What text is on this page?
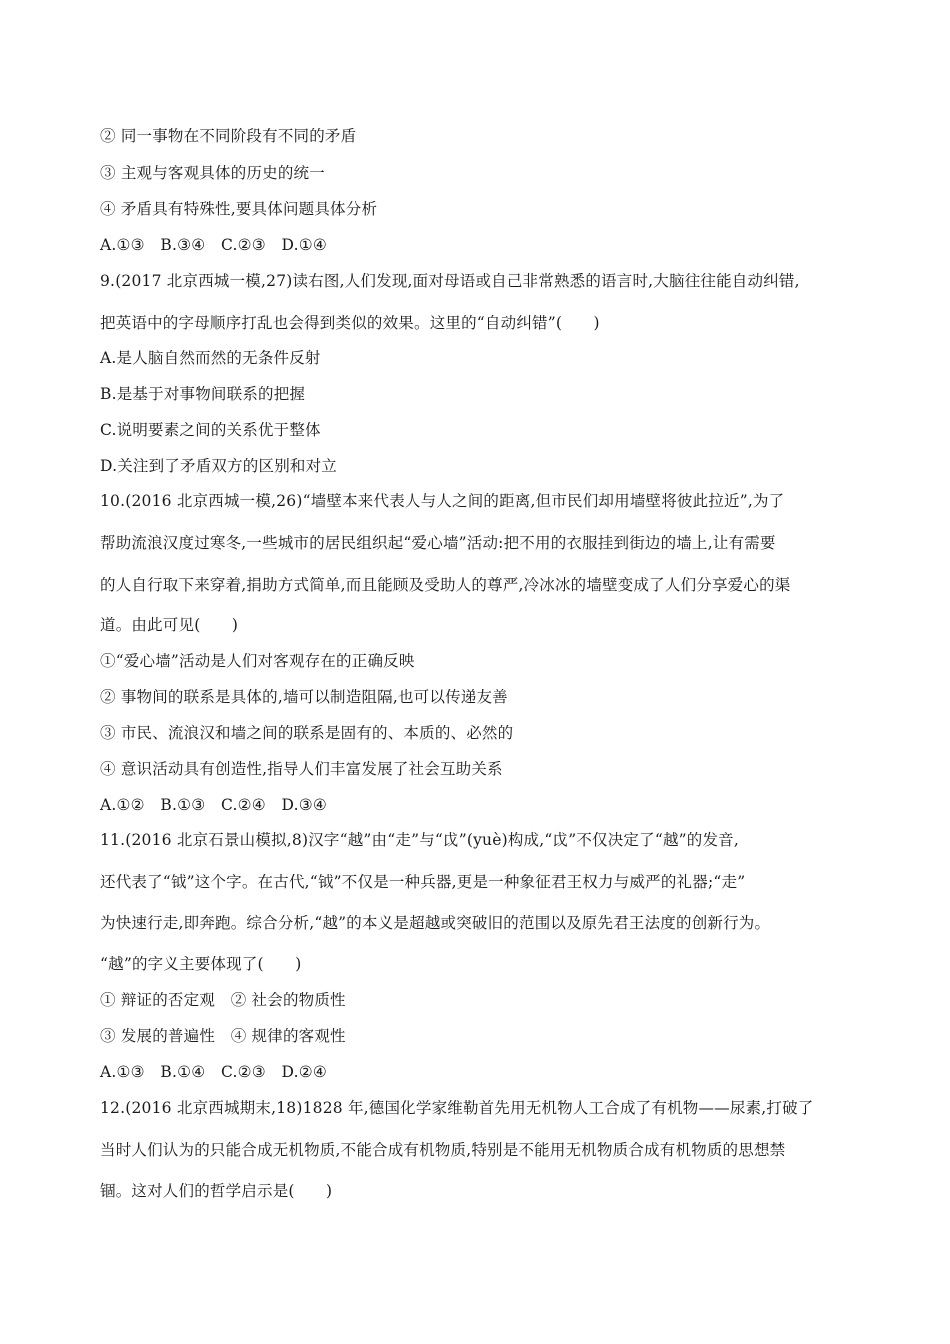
② 同一事物在不同阶段有不同的矛盾
③ 主观与客观具体的历史的统一
④ 矛盾具有特殊性,要具体问题具体分析
A.①③　B.③④　C.②③　D.①④
9.(2017 北京西城一模,27)读右图,人们发现,面对母语或自己非常熟悉的语言时,大脑往往能自动纠错,
把英语中的字母顺序打乱也会得到类似的效果。这里的“自动纠错”(　　)
A.是人脑自然而然的无条件反射
B.是基于对事物间联系的把握
C.说明要素之间的关系优于整体
D.关注到了矛盾双方的区别和对立
10.(2016 北京西城一模,26)“墙壁本来代表人与人之间的距离,但市民们却用墙壁将彼此拉近”,为了
帮助流浪汉度过寒冬,一些城市的居民组织起“爱心墙”活动:把不用的衣服挂到街边的墙上,让有需要
的人自行取下来穿着,捐助方式简单,而且能顾及受助人的尊严,冷冰冰的墙壁变成了人们分享爱心的渠
道。由此可见(　　)
①“爱心墙”活动是人们对客观存在的正确反映
② 事物间的联系是具体的,墙可以制造阻隔,也可以传递友善
③ 市民、流浪汉和墙之间的联系是固有的、本质的、必然的
④ 意识活动具有创造性,指导人们丰富发展了社会互助关系
A.①②　B.①③　C.②④　D.③④
11.(2016 北京石景山模拟,8)汉字“越”由“走”与“戉”(yuè)构成,“戉”不仅决定了“越”的发音,
还代表了“钺”这个字。在古代,“钺”不仅是一种兵器,更是一种象征君王权力与威严的礼器;“走”
为快速行走,即奔跑。综合分析,“越”的本义是超越或突破旧的范围以及原先君王法度的创新行为。
“越”的字义主要体现了(　　)
① 辩证的否定观　② 社会的物质性
③ 发展的普遍性　④ 规律的客观性
A.①③　B.①④　C.②③　D.②④
12.(2016 北京西城期末,18)1828 年,德国化学家维勒首先用无机物人工合成了有机物——尿素,打破了
当时人们认为的只能合成无机物质,不能合成有机物质,特别是不能用无机物质合成有机物质的思想禁
锢。这对人们的哲学启示是(　　)
